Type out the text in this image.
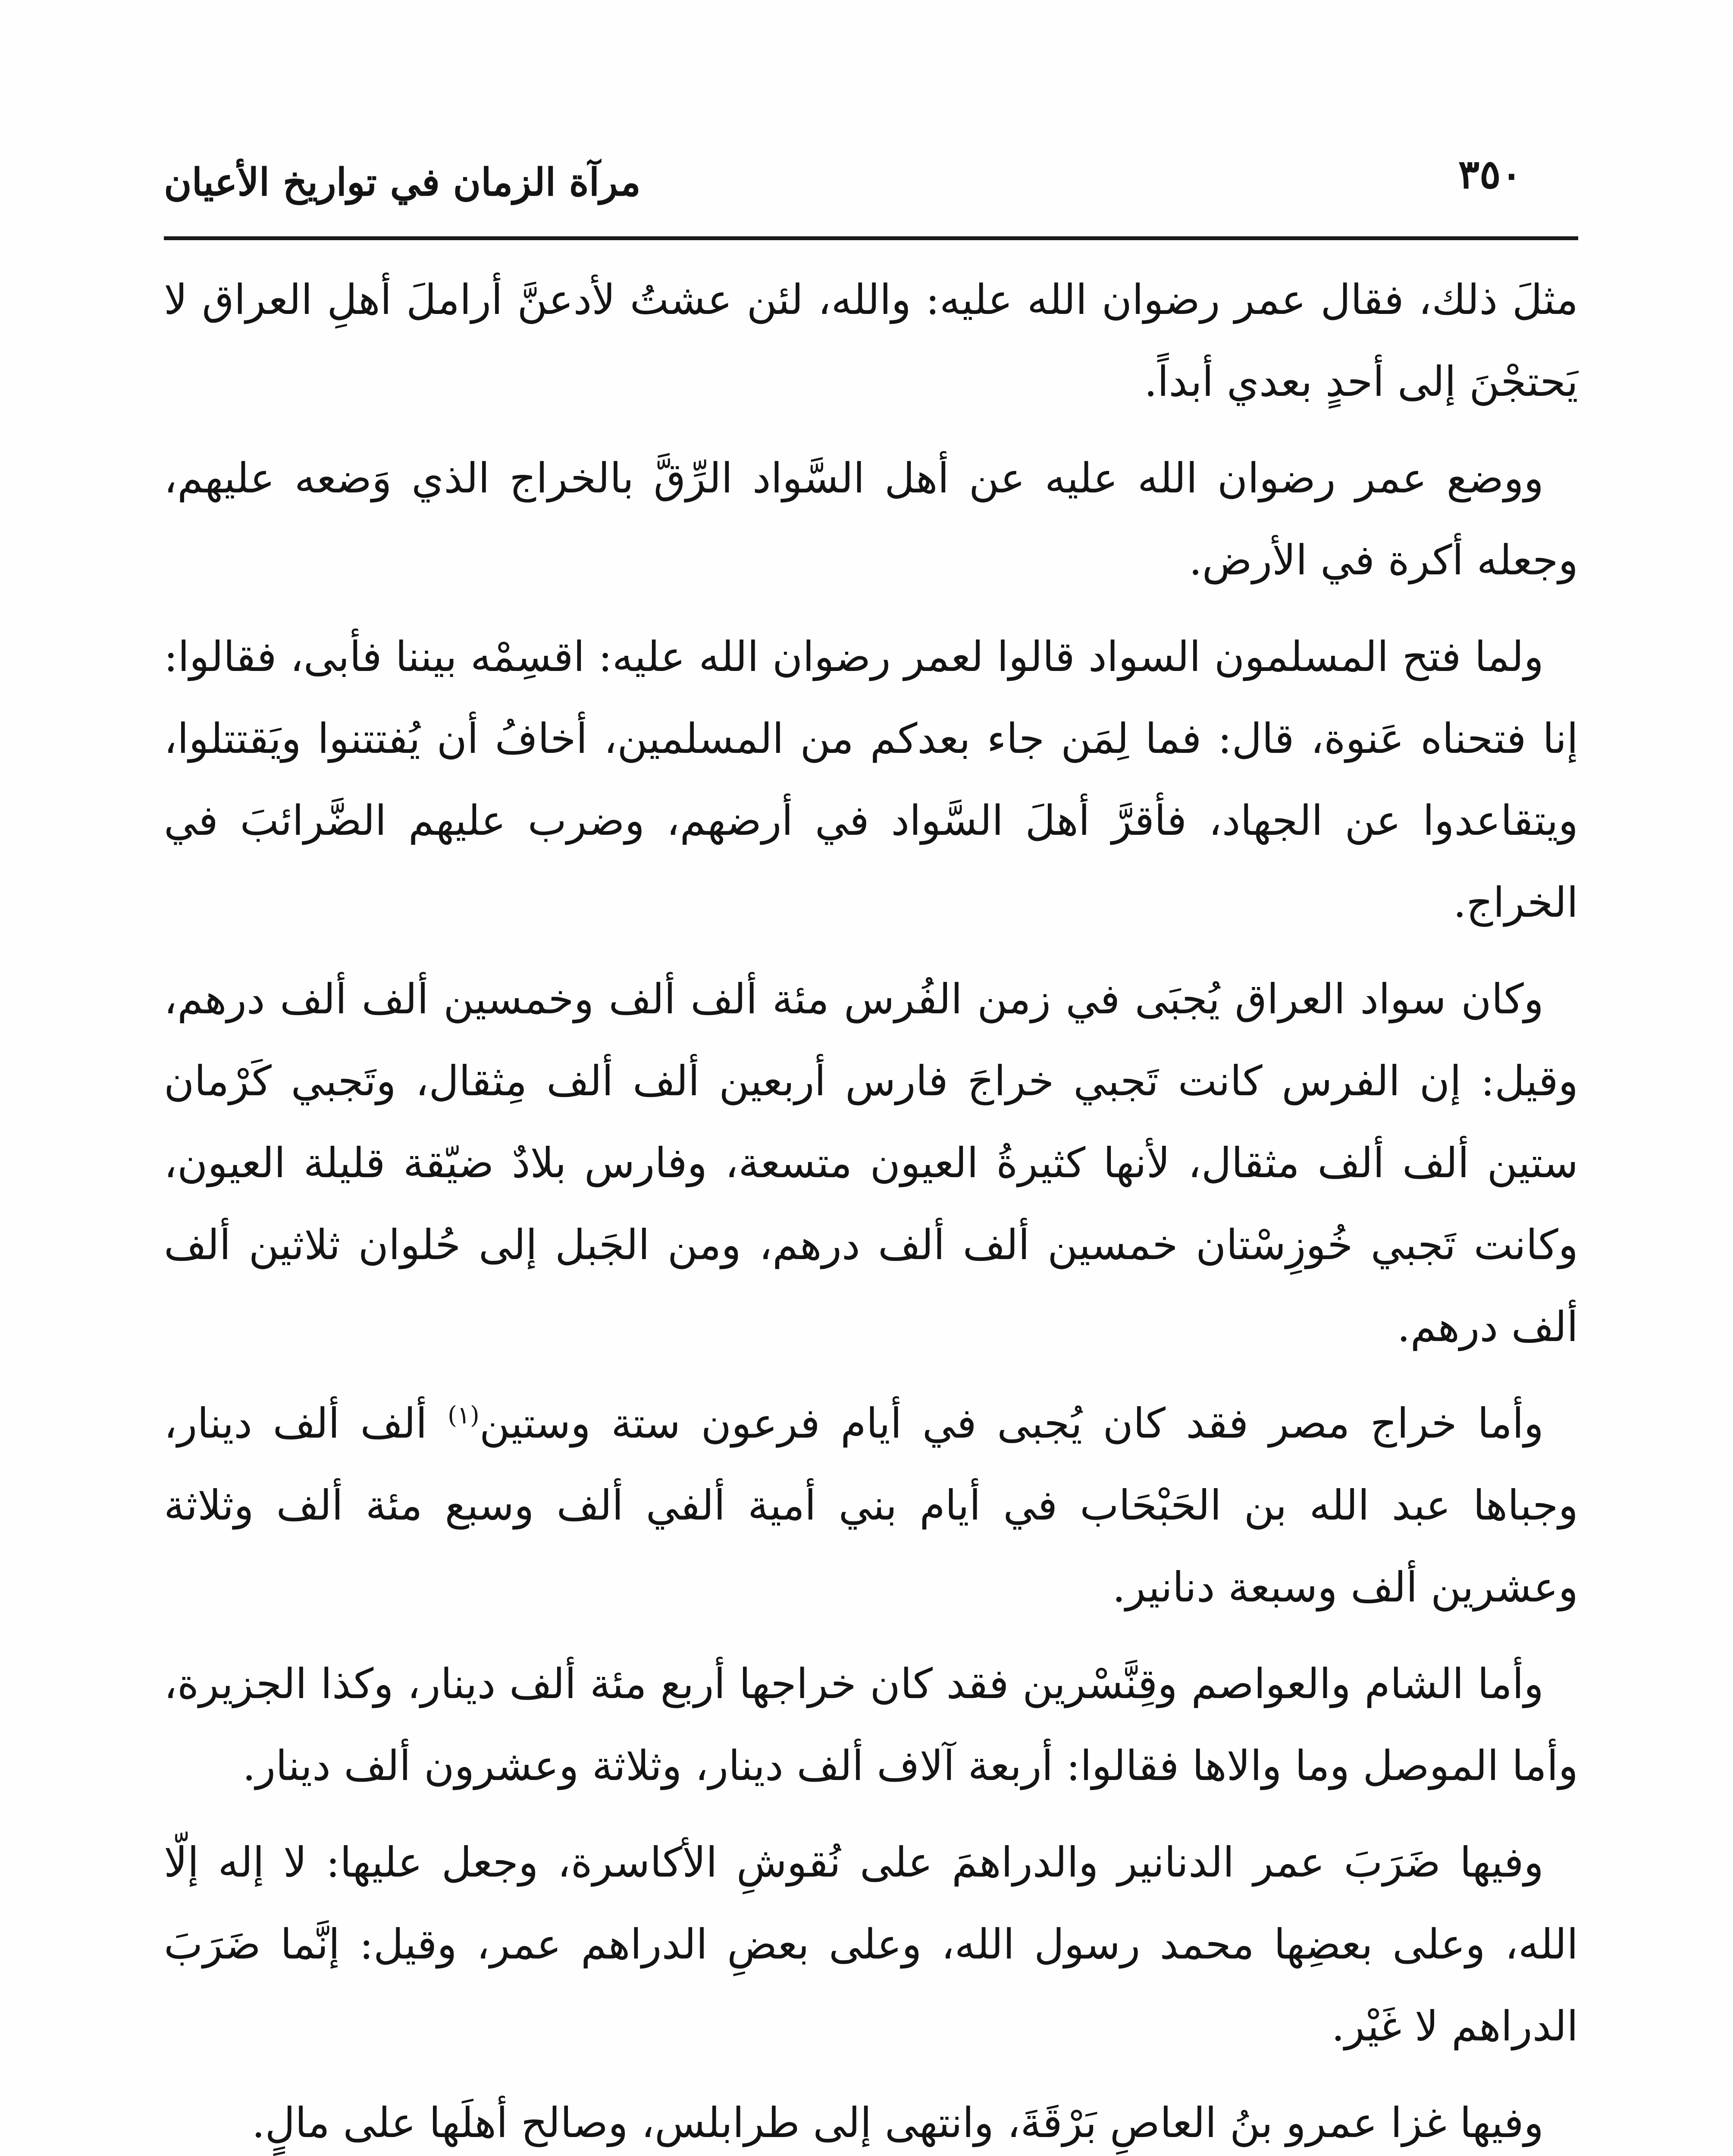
مرآة الزمان في تواريخ الأعيان	٣٥٠

مثلَ ذلك، فقال عمر رضوان الله عليه: والله، لئن عشتُ لأدعنَّ أراملَ أهلِ العراق لا يَحتجْنَ إلى أحدٍ بعدي أبداً.

ووضع عمر رضوان الله عليه عن أهل السَّواد الرِّقَّ بالخراج الذي وَضعه عليهم، وجعله أكرة في الأرض.

ولما فتح المسلمون السواد قالوا لعمر رضوان الله عليه: اقسِمْه بيننا فأبى، فقالوا: إنا فتحناه عَنوة، قال: فما لِمَن جاء بعدكم من المسلمين، أخافُ أن يُفتتنوا ويَقتتلوا، ويتقاعدوا عن الجهاد، فأقرَّ أهلَ السَّواد في أرضهم، وضرب عليهم الضَّرائبَ في الخراج.

وكان سواد العراق يُجبَى في زمن الفُرس مئة ألف ألف وخمسين ألف ألف درهم، وقيل: إن الفرس كانت تَجبي خراجَ فارس أربعين ألف ألف مِثقال، وتَجبي كَرْمان ستين ألف ألف مثقال، لأنها كثيرةُ العيون متسعة، وفارس بلادٌ ضيّقة قليلة العيون، وكانت تَجبي خُوزِسْتان خمسين ألف ألف درهم، ومن الجَبل إلى حُلوان ثلاثين ألف ألف درهم.

وأما خراج مصر فقد كان يُجبى في أيام فرعون ستة وستين$^{(١)}$ ألف ألف دينار، وجباها عبد الله بن الحَبْحَاب في أيام بني أمية ألفي ألف وسبع مئة ألف وثلاثة وعشرين ألف وسبعة دنانير.

وأما الشام والعواصم وقِنَّسْرين فقد كان خراجها أربع مئة ألف دينار، وكذا الجزيرة، وأما الموصل وما والاها فقالوا: أربعة آلاف ألف دينار، وثلاثة وعشرون ألف دينار.

وفيها ضَرَبَ عمر الدنانير والدراهمَ على نُقوشِ الأكاسرة، وجعل عليها: لا إله إلّا الله، وعلى بعضِها محمد رسول الله، وعلى بعضِ الدراهم عمر، وقيل: إنَّما ضَرَبَ الدراهم لا غَيْر.

وفيها غزا عمرو بنُ العاصِ بَرْقَةَ، وانتهى إلى طرابلس، وصالح أهلَها على مالٍ.
